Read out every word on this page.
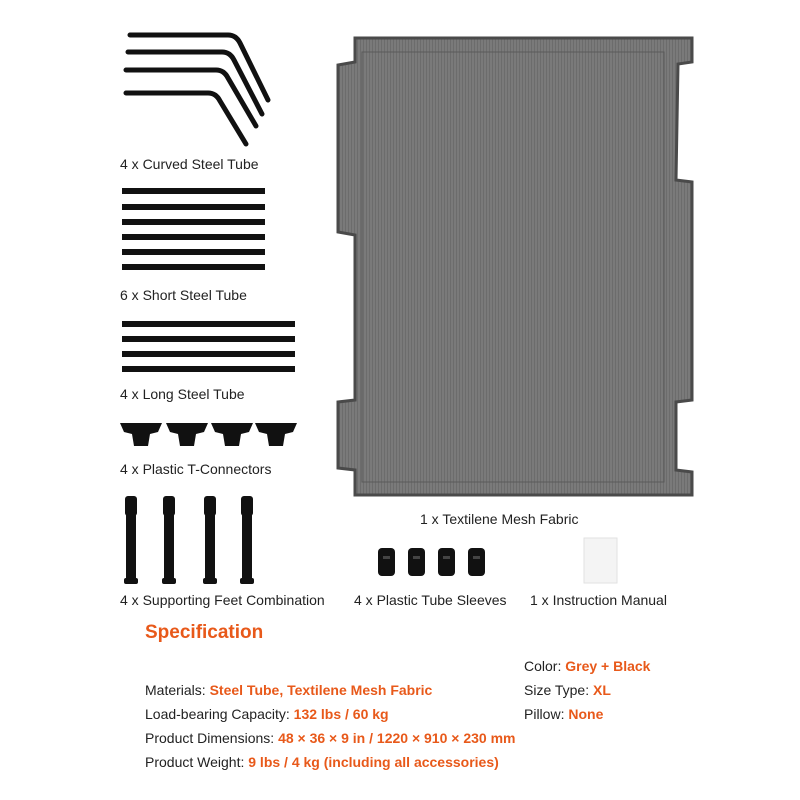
4 x Curved Steel Tube
6 x Short Steel Tube
4 x Long Steel Tube
4 x Plastic T-Connectors
4 x Supporting Feet Combination
1 x Textilene Mesh Fabric
4 x Plastic Tube Sleeves 1 x Instruction Manual
Specification
Color: Grey + Black
Size Type: XL
Pillow: None
Materials: Steel Tube, Textilene Mesh Fabric
Load-bearing Capacity: 132 lbs / 60 kg
Product Dimensions: 48 × 36 × 9 in / 1220 × 910 × 230 mm
Product Weight: 9 lbs / 4 kg (including all accessories)
